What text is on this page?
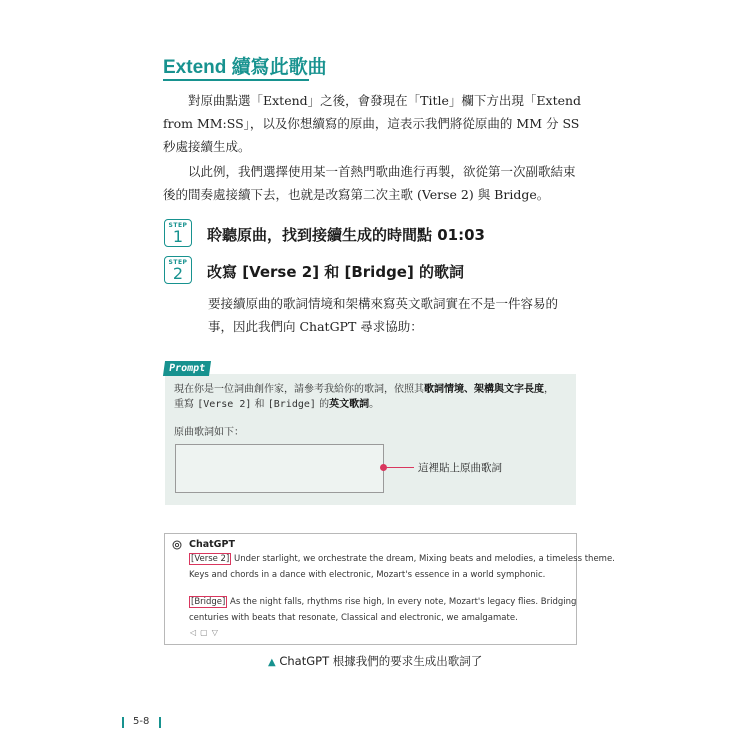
Extend 續寫此歌曲
對原曲點選「Extend」之後，會發現在「Title」欄下方出現「Extend
from MM:SS」，以及你想續寫的原曲，這表示我們將從原曲的 MM 分 SS
秒處接續生成。
以此例，我們選擇使用某一首熱門歌曲進行再製，欲從第一次副歌結束
後的間奏處接續下去，也就是改寫第二次主歌 (Verse 2) 與 Bridge。
STEP
1	聆聽原曲，找到接續生成的時間點 01:03
STEP
2	改寫 [Verse 2] 和 [Bridge] 的歌詞
要接續原曲的歌詞情境和架構來寫英文歌詞實在不是一件容易的
事，因此我們向 ChatGPT 尋求協助：
Prompt
現在你是一位詞曲創作家，請參考我給你的歌詞，依照其歌詞情境、架構與文字長度，
重寫 [Verse 2] 和 [Bridge] 的英文歌詞。
原曲歌詞如下：
這裡貼上原曲歌詞
ChatGPT
[Verse 2] Under starlight, we orchestrate the dream, Mixing beats and melodies, a timeless theme.
Keys and chords in a dance with electronic, Mozart's essence in a world symphonic.
[Bridge] As the night falls, rhythms rise high, In every note, Mozart's legacy flies. Bridging
centuries with beats that resonate, Classical and electronic, we amalgamate.
◁▢▽
▲ ChatGPT 根據我們的要求生成出歌詞了
5-8
